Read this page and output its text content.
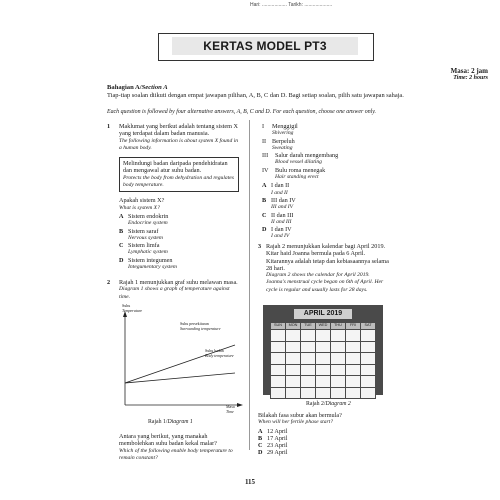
Hari: .................. Tarikh: ....................
KERTAS MODEL PT3
Masa: 2 jam
Time: 2 hours
Bahagian A/Section A
Tiap-tiap soalan diikuti dengan empat jawapan pilihan, A, B, C dan D. Bagi setiap soalan, pilih satu jawapan sahaja.
Each question is followed by four alternative answers, A, B, C and D. For each question, choose one answer only.
1	Maklumat yang berikut adalah tentang sistem X yang terdapat dalam badan manusia.
The following information is about system X found in a human body.
Melindungi badan daripada pendehidratan dan mengawal atur suhu badan.
Protects the body from dehydration and regulates body temperature.
Apakah sistem X?
What is system X?
A Sistem endokrin
Endocrine system
B Sistem saraf
Nervous system
C Sistem limfa
Lymphatic system
D Sistem integumen
Integumentary system
2	Rajah 1 menunjukkan graf suhu melawan masa.
Diagram 1 shows a graph of temperature against time.
Suhu
Temperature
Suhu persekitaran
Surrounding temperature
Suhu badan
Body temperature
Masa
Time
Rajah 1/Diagram 1
Antara yang berikut, yang manakah membolehkan suhu badan kekal malar?
Which of the following enable body temperature to remain constant?
I Menggigil
Shivering
II Berpeluh
Sweating
III Salur darah mengembang
Blood vessel dilating
IV Bulu roma menegak
Hair standing erect
A I dan II
I and II
B III dan IV
III and IV
C II dan III
II and III
D I dan IV
I and IV
3 Rajah 2 menunjukkan kalendar bagi April 2019. Kitar haid Joanna bermula pada 6 April. Kitarannya adalah tetap dan kebiasaannya selama 28 hari.
Diagram 2 shows the calendar for April 2019. Joanna's menstrual cycle began on 6th of April. Her cycle is regular and usually lasts for 28 days.
APRIL 2019
SUN	MON	TUE	WED	THU	FRI	SAT

Rajah 2/Diagram 2
Bilakah fasa subur akan bermula?
When will her fertile phase start?
A 12 April
B 17 April
C 23 April
D 29 April
115
